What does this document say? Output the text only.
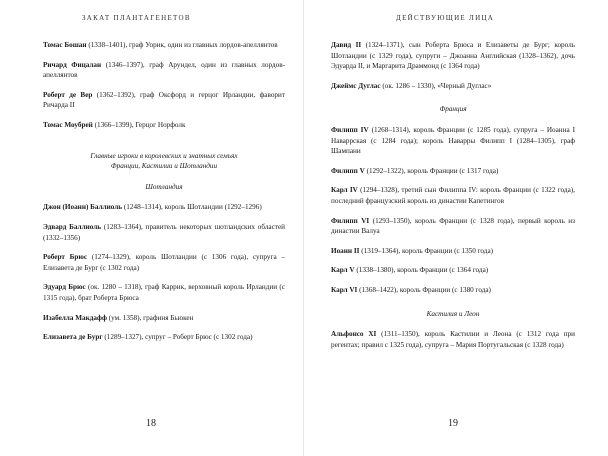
ЗАКАТ ПЛАНТАГЕНЕТОВ

Томас Бошан (1338–1401), граф Уорик, один из главных лордов-апеллянтов

Ричард Фицалан (1346–1397), граф Арундел, один из главных лордов-апеллянтов

Роберт де Вер (1362–1392), граф Оксфорд и герцог Ирландии, фаворит Ричарда II

Томас Моубрей (1366–1399), Герцог Норфолк

Главные игроки в королевских и знатных семьях
Франции, Кастилии и Шотландии
Шотландия

Джон (Иоанн) Баллиоль (1248–1314), король Шотландии (1292–1296)

Эдвард Баллиоль (1283–1364), правитель некоторых шотландских областей (1332–1356)

Роберт Брюс (1274–1329), король Шотландии (с 1306 года), супруга – Елизавета де Бург (с 1302 года)

Эдуард Брюс (ок. 1280 – 1318), граф Каррик, верховный король Ирландии (с 1315 года), брат Роберта Брюса

Изабелла Макдафф (ум. 1358), графиня Бьюкен

Елизавета де Бург (1289–1327), супруг – Роберт Брюс (с 1302 года)

18
ДЕЙСТВУЮЩИЕ ЛИЦА

Давид II (1324–1371), сын Роберта Брюса и Елизаветы де Бург; король Шотландии (с 1329 года), супруги – Джоанна Английская (1328–1362), дочь Эдуарда II, и Маргарита Драммонд (с 1364 года)

Джеймс Дуглас (ок. 1286 – 1330), «Черный Дуглас»

Франция

Филипп IV (1268–1314), король Франции (с 1285 года), супруга – Иоанна I Наваррская (с 1284 года); король Наварры Филипп I (1284–1305), граф Шампани

Филипп V (1292–1322), король Франции (с 1317 года)

Карл IV (1294–1328), третий сын Филиппа IV: король Франции (с 1322 года), последний французский король из династии Капетингов

Филипп VI (1293–1350), король Франции (с 1328 года), первый король из династии Валуа

Иоанн II (1319–1364), король Франции (с 1350 года)

Карл V (1338–1380), король Франции (с 1364 года)

Карл VI (1368–1422), король Франции (с 1380 года)

Кастилия и Леон

Альфонсо XI (1311–1350), король Кастилии и Леона (с 1312 года при регентах; правил с 1325 года), супруга – Мария Португальская (с 1328 года)

19
